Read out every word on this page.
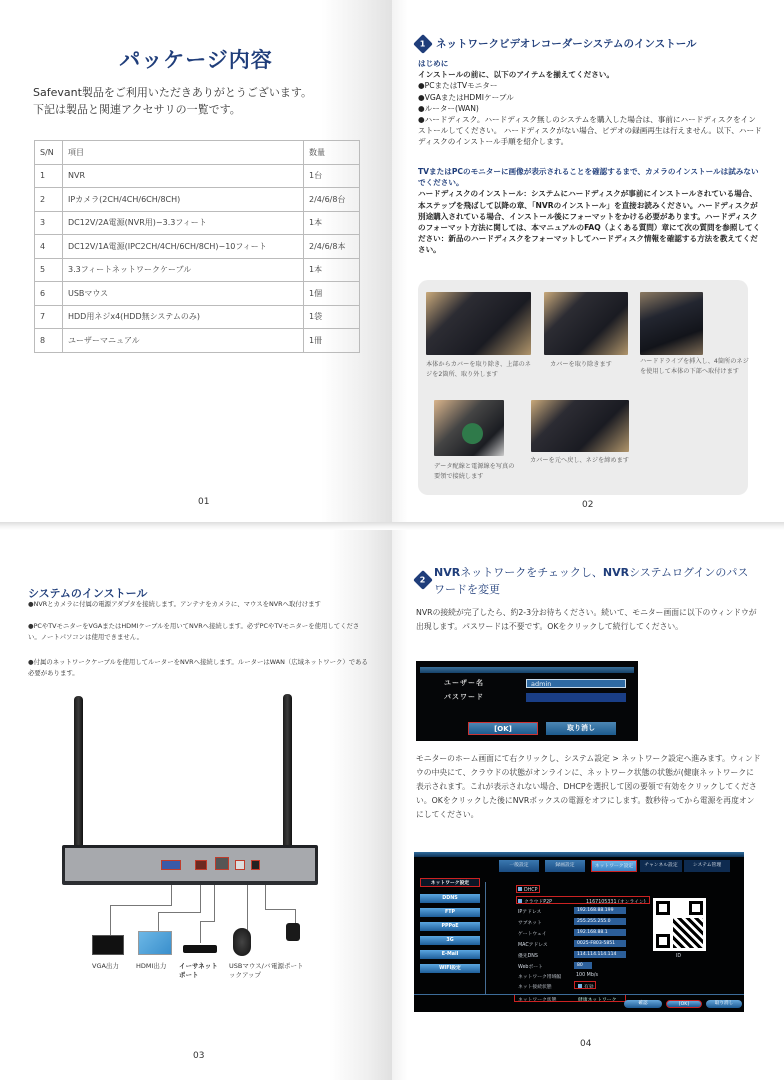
パッケージ内容
Safevant製品をご利用いただきありがとうございます。
下記は製品と関連アクセサリの一覧です。
S/N	項目	数量
1	NVR	1台
2	IPカメラ(2CH/4CH/6CH/8CH)	2/4/6/8台
3	DC12V/2A電源(NVR用)−3.3フィート	1本
4	DC12V/1A電源(IPC2CH/4CH/6CH/8CH)−10フィート	2/4/6/8本
5	3.3フィートネットワークケーブル	1本
6	USBマウス	1個
7	HDD用ネジx4(HDD無システムのみ)	1袋
8	ユーザーマニュアル	1冊
01	02
1 ネットワークビデオレコーダーシステムのインストール
はじめに
インストールの前に、以下のアイテムを揃えてください。
●PCまたはTVモニター
●VGAまたはHDMIケーブル
●ルーター(WAN)
●ハードディスク。ハードディスク無しのシステムを購入した場合は、事前にハードディスクをインストールしてください。 ハードディスクがない場合、ビデオの録画再生は行えません。以下、ハードディスクのインストール手順を紹介します。
TVまたはPCのモニターに画像が表示されることを確認するまで、カメラのインストールは試みないでください。
ハードディスクのインストール：システムにハードディスクが事前にインストールされている場合、本ステップを飛ばして以降の章、「NVRのインストール」を直接お読みください。ハードディスクが別途購入されている場合、インストール後にフォーマットをかける必要があります。ハードディスクのフォーマット方法に関しては、本マニュアルのFAQ（よくある質問）章にて次の質問を参照してください：新品のハードディスクをフォーマットしてハードディスク情報を確認する方法を教えてください。
本体からカバーを取り除き、上部のネジを2箇所、取り外します
カバーを取り除きます	ハードドライブを挿入し、4箇所のネジを使用して本体の下部へ取付けます
データ配線と電源線を写真の要領で接続します
カバーを元へ戻し、ネジを締めます
03
システムのインストール
●NVRとカメラに付属の電源アダプタを接続します。アンテナをカメラに、マウスをNVRへ取付けます
●PCやTVモニターをVGAまたはHDMIケーブルを用いてNVRへ接続します。必ずPCやTVモニターを使用してください。ノートパソコンは使用できません。
●付属のネットワークケーブルを使用してルーターをNVRへ接続します。ルーターはWAN（広域ネットワーク）である必要があります。
VGA出力	HDMI出力 イーサネットポート
USBマウス/バックアップ
電源ポート
04
2
NVRネットワークをチェックし、NVRシステムログインのパスワードを変更
NVRの接続が完了したら、約2-3分お待ちください。続いて、モニター画面に以下のウィンドウが出現します。パスワードは不要です。OKをクリックして続行してください。
ユーザー名	admin
パスワード
[OK]	取り消し
モニターのホーム画面にて右クリックし、システム設定 > ネットワーク設定へ進みます。ウィンドウの中央にて、クラウドの状態がオンラインに、ネットワーク状態の状態が(健康ネットワークに表示されます。これが表示されない場合、DHCPを選択して図の要領で有効をクリックしてください。OKをクリックした後にNVRボックスの電源をオフにします。数秒待ってから電源を再度オンにしてください。
一般設定	録画設定	ネットワーク設定	チャンネル設定	システム管理
ネットワーク設定
DDNS
FTP
PPPoE
3G
E-Mail
WIFI設定
DHCP
クラウドP2P	1167105331 (オンライン)
IPアドレス	192.168.88.199
サブネット	255.255.255.0
ゲートウェイ	192.168.88.1
MACアドレス	0025-F803-5851
優先DNS	114.114.114.114
Webポート	80
ネットワーク帯域幅	100 Mb/s
ネット接続状態	有効
ネットワーク状態	健康ネットワーク
ID
確認	[OK]	取り消し
